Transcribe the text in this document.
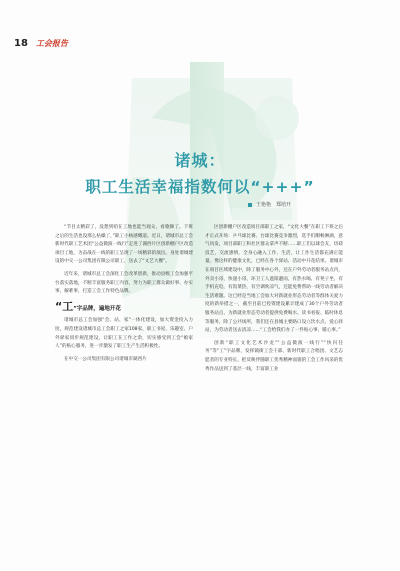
18 工会报告
诸城：
职工生活幸福指数何以“+++”
王艳艳　郑培开

“节目太精彩了，没想到咱在工地也能当观众，看歌舞了。下班之后的生活也没那么枯燥了，”职工小杨感慨道。近日，诸城市总工会新时代职工艺术团“公益微演一线行”走进了湖西片区创新棚户区改造项目工地，为奋战在一线的职工呈现了一场精彩的演出。身处诸城建设的中交一公司集团有限公司职工，送去了“文艺大餐”。

近年来，诸城市总工会深化工会改革创新，推动县级工会加强平台落实落地，不断丰富服务职工内容，努力为职工群众做好事、办实事、解难事，打造工会工作特色品牌。

“工”字品牌，遍地开花

诸城市总工会加强“会、站、家”一体化建设，加大资金投入力度，规范建设诸城市总工会职工之家108家，职工书屋、乐趣室、户外驿家同步规范建设，让职工在工作之余，切实感受到工会“娘家人”的贴心服务，进一步激发了职工生产生活积极性。

在中交一公司集团有限公司诸城市湖西片

区创新棚户区改造项目部职工之家，“文化大餐”在职工下班之后才正式开场：乒乓球比赛、台球比赛竞争激烈，选手们酣畅淋漓，意气风发，项目部职工和社区群众拿声不断……职工们以球会友，切磋技艺，交流感情，全身心融入工作、生活，让工作生活都充满正能量。像这样的健康文化，已经在各个驿站、活动中开花结果。诸城市在项目区域建设中，除了服务中心外，还在户外劳动者服务站点内，外卖小哥、快递小哥、环卫工人遮阳避雨，有热水喝、有凳子坐、有手机充电、有饭菜热，有空调吹凉气，还能免费帮助一线劳动者解决生活难题。这已经是当地工会加大对新就业形态劳动者等群体关爱力度的新举措之一，截至目前已投资建设累计建成了30个户外劳动者服务站点，为新就业形态劳动者提供免费喝水、读书看报、临时休息等服务。除了公共场所，我们还在县城主要路口设立饮水点、爱心驿站，为劳动者送去清凉……“工会给我们办了一件贴心事、暖心事。”

创新“职工文化艺术沙龙”“公益微演一线行”“快闪任务”等“工”字品牌，发挥镇街工会干部、新时代职工合唱团、文艺志愿者的专业特长，把反映伴随职工优秀精神面貌的工会工作风采的优秀作品送到了基层一线，丰富职工业
